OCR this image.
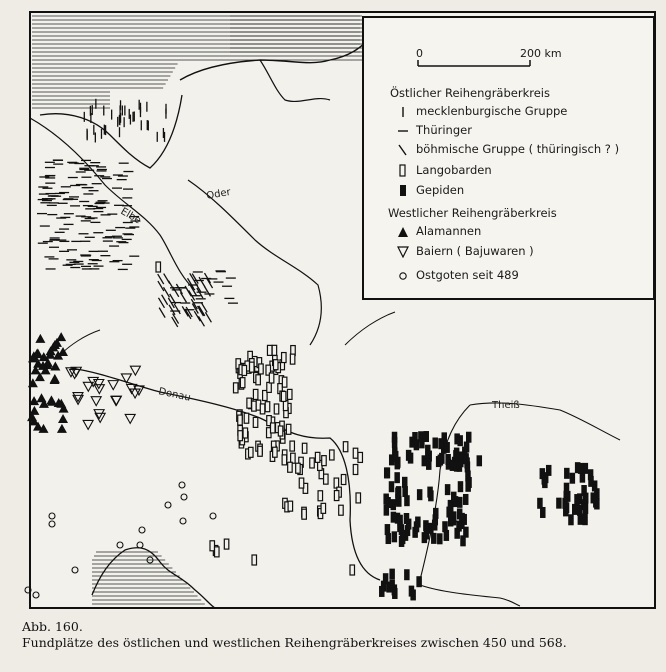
Oder
Elbe
Donau
Theiß
0	200 km
Östlicher Reihengräberkreis
mecklenburgische Gruppe
Thüringer
böhmische Gruppe ( thüringisch ? )
Langobarden
Gepiden
Westlicher Reihengräberkreis
Alamannen
Baiern ( Bajuwaren )
Ostgoten seit 489
Abb. 160.
Fundplätze des östlichen und westlichen Reihengräberkreises zwischen 450 und 568.
